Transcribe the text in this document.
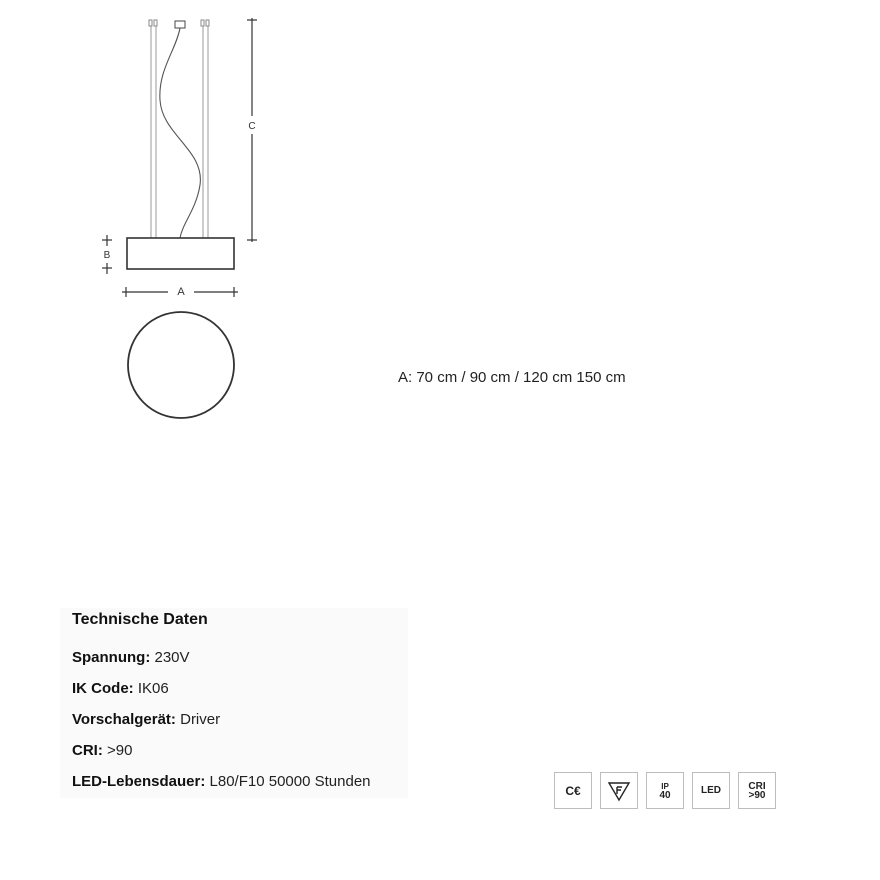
C
B
A
A: 70 cm / 90 cm / 120 cm 150 cm
Technische Daten
Spannung: 230V
IK Code: IK06
Vorschalgerät: Driver
CRI: >90
LED-Lebensdauer: L80/F10 50000 Stunden
C€	IP
40	LED	CRI
>90
